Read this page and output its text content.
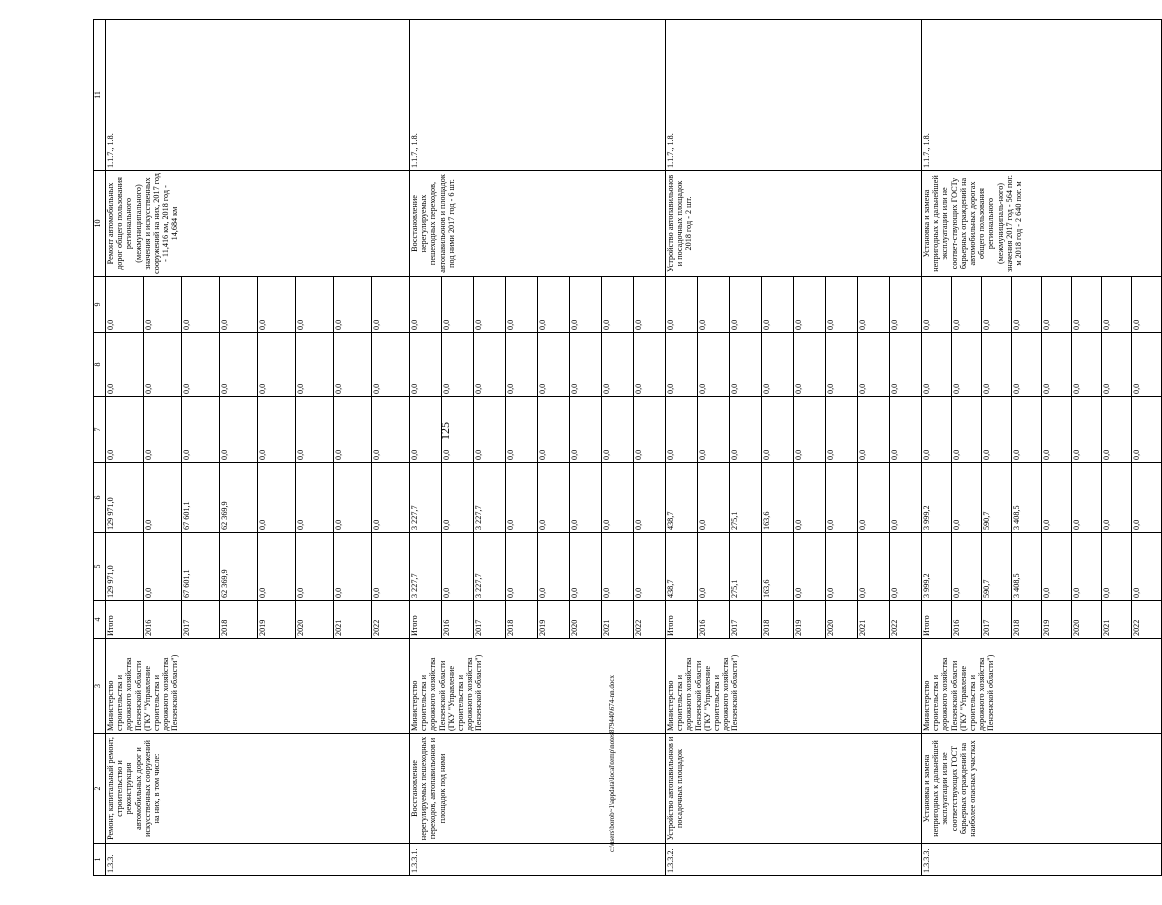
125
1	2	3	4	5	6	7	8	9	10	11
1.3.3.	Ремонт, капитальный ремонт, строительство и реконструкция автомобильных дорог и искусственных сооружений на них, в том числе:	Министерство строительства и дорожного хозяйства Пензенской области (ГКУ "Управление строительства и дорожного хозяйства Пензенской области")	Итого	129 971,0	129 971,0	0,0	0,0	0,0	Ремонт автомобильных дорог общего пользования регионального (межмуниципального) значения и искусственных сооружений на них, 2017 год - 11,416 км, 2018 год - 14,684 км	1.1.7., 1.8.
			2016	0,0	0,0	0,0	0,0	0,0		
			2017	67 601,1	67 601,1	0,0	0,0	0,0		
			2018	62 369,9	62 369,9	0,0	0,0	0,0		
			2019	0,0	0,0	0,0	0,0	0,0		
			2020	0,0	0,0	0,0	0,0	0,0		
			2021	0,0	0,0	0,0	0,0	0,0		
			2022	0,0	0,0	0,0	0,0	0,0		
1.3.3.1.	Восстановление нерегулируемых пешеходных переходов, автопавильонов и площадок под ними	Министерство строительства и дорожного хозяйства Пензенской области (ГКУ "Управление строительства и дорожного хозяйства Пензенской области")	Итого	3 227,7	3 227,7	0,0	0,0	0,0	Восстановление нерегулируемых пешеходных переходов, автопавильонов и площадок под ними 2017 год - 6 шт.	1.1.7., 1.8.
			2016	0,0	0,0	0,0	0,0	0,0		
			2017	3 227,7	3 227,7	0,0	0,0	0,0		
			2018	0,0	0,0	0,0	0,0	0,0		
			2019	0,0	0,0	0,0	0,0	0,0		
			2020	0,0	0,0	0,0	0,0	0,0		
			2021	0,0	0,0	0,0	0,0	0,0		
			2022	0,0	0,0	0,0	0,0	0,0		
1.3.3.2.	Устройство автопавильонов и посадочных площадок	Министерство строительства и дорожного хозяйства Пензенской области (ГКУ "Управление строительства и дорожного хозяйства Пензенской области")	Итого	438,7	438,7	0,0	0,0	0,0	Устройство автопавильонов и посадочных площадок 2018 год - 2 шт.	1.1.7., 1.8.
			2016	0,0	0,0	0,0	0,0	0,0		
			2017	275,1	275,1	0,0	0,0	0,0		
			2018	163,6	163,6	0,0	0,0	0,0		
			2019	0,0	0,0	0,0	0,0	0,0		
			2020	0,0	0,0	0,0	0,0	0,0		
			2021	0,0	0,0	0,0	0,0	0,0		
			2022	0,0	0,0	0,0	0,0	0,0		
1.3.3.3.	Установка и замена непригодных к дальнейшей эксплуатации или не соответствующих ГОСТ барьерных ограждений на наиболее опасных участках	Министерство строительства и дорожного хозяйства Пензенской области (ГКУ "Управление строительства и дорожного хозяйства Пензенской области")	Итого	3 999,2	3 999,2	0,0	0,0	0,0	Установка и замена непригодных к дальнейшей эксплуатации или не соответ-ствующих ГОСТу барьерных ограждений на автомобильных дорогах общего пользования регионального (межмуниципаль-ного) значения 2017 год - 564 пог. м 2018 год - 2 640 пог. м	1.1.7., 1.8.
			2016	0,0	0,0	0,0	0,0	0,0		
			2017	590,7	590,7	0,0	0,0	0,0		
			2018	3 408,5	3 408,5	0,0	0,0	0,0		
			2019	0,0	0,0	0,0	0,0	0,0		
			2020	0,0	0,0	0,0	0,0	0,0		
			2021	0,0	0,0	0,0	0,0	0,0		
			2022	0,0	0,0	0,0	0,0	0,0		
c:\users\borob~1\appdata\local\temp\notes879440\674-nn.docx
